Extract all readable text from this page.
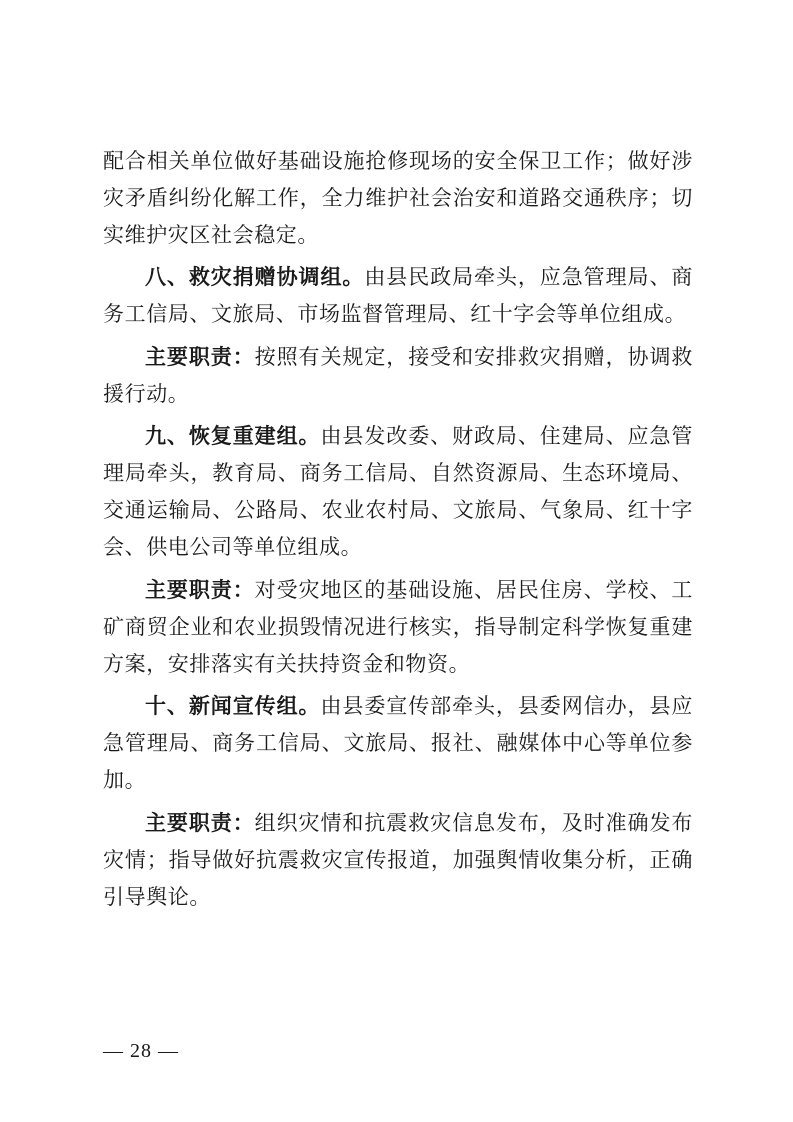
配合相关单位做好基础设施抢修现场的安全保卫工作；做好涉灾矛盾纠纷化解工作，全力维护社会治安和道路交通秩序；切实维护灾区社会稳定。

八、救灾捐赠协调组。由县民政局牵头，应急管理局、商务工信局、文旅局、市场监督管理局、红十字会等单位组成。

主要职责：按照有关规定，接受和安排救灾捐赠，协调救援行动。

九、恢复重建组。由县发改委、财政局、住建局、应急管理局牵头，教育局、商务工信局、自然资源局、生态环境局、交通运输局、公路局、农业农村局、文旅局、气象局、红十字会、供电公司等单位组成。

主要职责：对受灾地区的基础设施、居民住房、学校、工矿商贸企业和农业损毁情况进行核实，指导制定科学恢复重建方案，安排落实有关扶持资金和物资。

十、新闻宣传组。由县委宣传部牵头，县委网信办，县应急管理局、商务工信局、文旅局、报社、融媒体中心等单位参加。

主要职责：组织灾情和抗震救灾信息发布，及时准确发布灾情；指导做好抗震救灾宣传报道，加强舆情收集分析，正确引导舆论。

— 28 —
